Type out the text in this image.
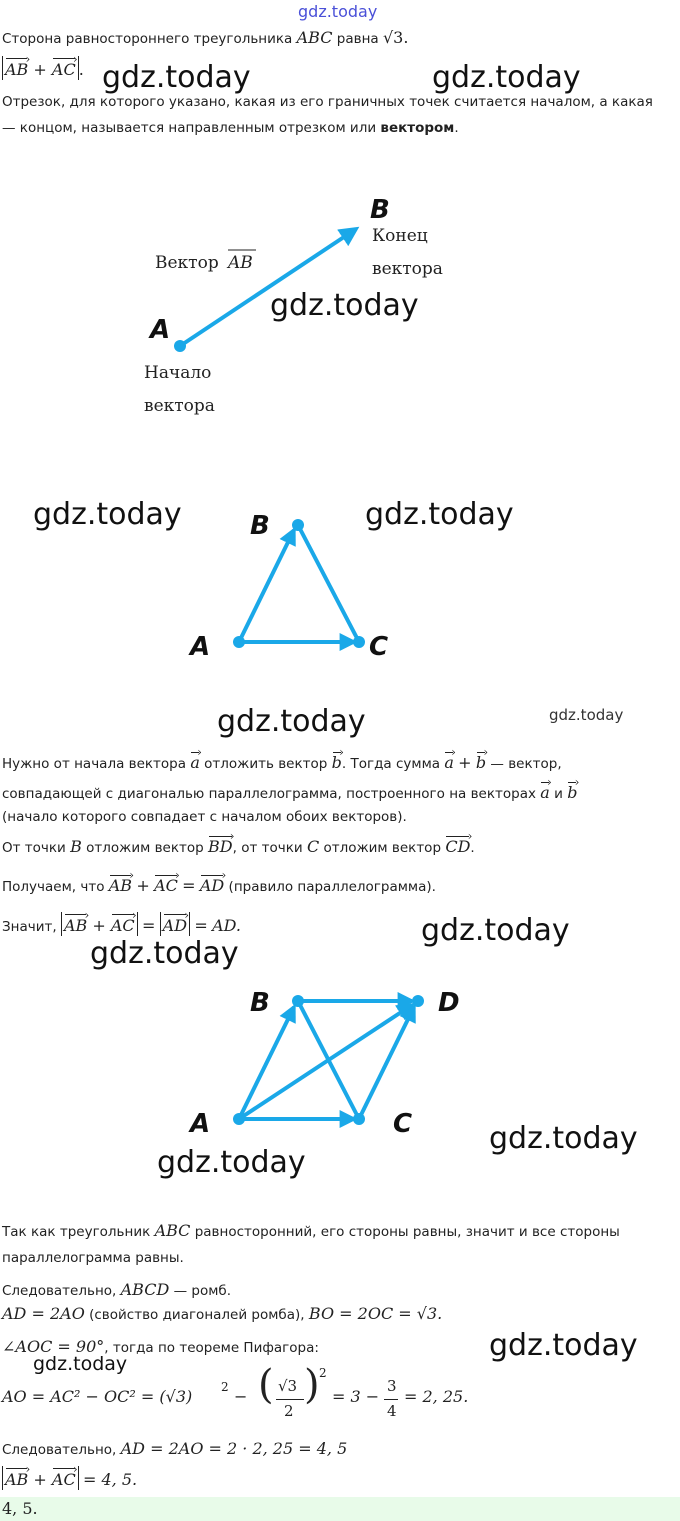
gdz.today
Сторона равностороннего треугольника ABC равна √3.
AB › + AC › . gdz.today	gdz.today
Отрезок, для которого указано, какая из его граничных точек считается началом, а какая
— концом, называется направленным отрезком или вектором.
A
B
Вектор AB
Конец
вектора
Начало
вектора
gdz.today
gdz.today	gdz.today
A
B
C
gdz.today	gdz.today
Нужно от начала вектора a › отложить вектор b ›. Тогда сумма a › + b › — вектор,
совпадающей с диагональю параллелограмма, построенного на векторах a › и b ›
(начало которого совпадает с началом обоих векторов).
От точки B отложим вектор BD ›, от точки C отложим вектор CD ›.
Получаем, что AB › + AC › = AD › (правило параллелограмма).
Значит, AB › + AC › = AD › = AD.	gdz.today
gdz.today
A
B
C
D
gdz.today
gdz.today
Так как треугольник ABC равносторонний, его стороны равны, значит и все стороны
параллелограмма равны.
Следовательно, ABCD — ромб.
AD = 2AO (свойство диагоналей ромба), BO = 2OC = √3.
∠AOC = 90°, тогда по теореме Пифагора:	gdz.today
gdz.today
AO = AC² − OC² = (√3) 2 − ( √3
2
) 2
= 3 −
3
4
= 2, 25.
Следовательно, AD = 2AO = 2 · 2, 25 = 4, 5
AB › + AC › = 4, 5.
4, 5.
